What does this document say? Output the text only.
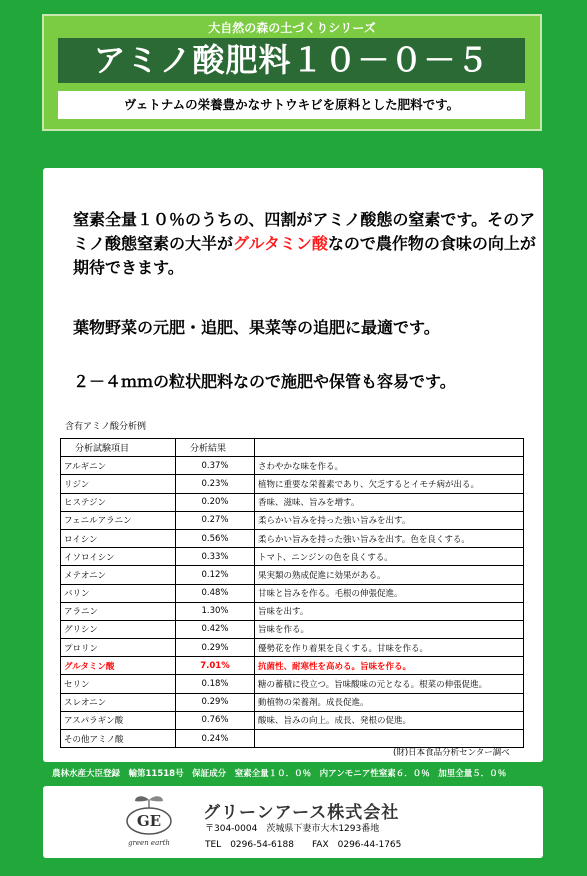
大自然の森の土づくりシリーズ
アミノ酸肥料１０－０－５
ヴェトナムの栄養豊かなサトウキビを原料とした肥料です。

窒素全量１０％のうちの、四割がアミノ酸態の窒素です。そのアミノ酸態窒素の大半がグルタミン酸なので農作物の食味の向上が期待できます。

葉物野菜の元肥・追肥、果菜等の追肥に最適です。

２－４ｍｍの粒状肥料なので施肥や保管も容易です。

含有アミノ酸分析例
分析試験項目	分析結果	
アルギニン	0.37%	さわやかな味を作る。
リジン	0.23%	植物に重要な栄養素であり、欠乏するとイモチ病が出る。
ヒステジン	0.20%	香味、滋味、旨みを増す。
フェニルアラニン	0.27%	柔らかい旨みを持った強い旨みを出す。
ロイシン	0.56%	柔らかい旨みを持った強い旨みを出す。色を良くする。
イソロイシン	0.33%	トマト、ニンジンの色を良くする。
メテオニン	0.12%	果実類の熟成促進に効果がある。
バリン	0.48%	甘味と旨みを作る。毛根の伸張促進。
アラニン	1.30%	旨味を出す。
グリシン	0.42%	旨味を作る。
プロリン	0.29%	優勢花を作り着果を良くする。甘味を作る。
グルタミン酸	7.01%	抗菌性、耐寒性を高める。旨味を作る。
セリン	0.18%	糖の蓄積に役立つ。旨味酸味の元となる。根菜の伸張促進。
スレオニン	0.29%	動植物の栄養剤。成長促進。
アスパラギン酸	0.76%	酸味、旨みの向上。成長、発根の促進。
その他アミノ酸	0.24%	
(財)日本食品分析センター調べ
農林水産大臣登録　輸第11518号　保証成分　窒素全量１０．０％　内アンモニア性窒素６．０％　加里全量５．０％
GE
green earth
グリーンアース株式会社
〒304-0004　茨城県下妻市大木1293番地
TEL　0296-54-6188　　FAX　0296-44-1765
